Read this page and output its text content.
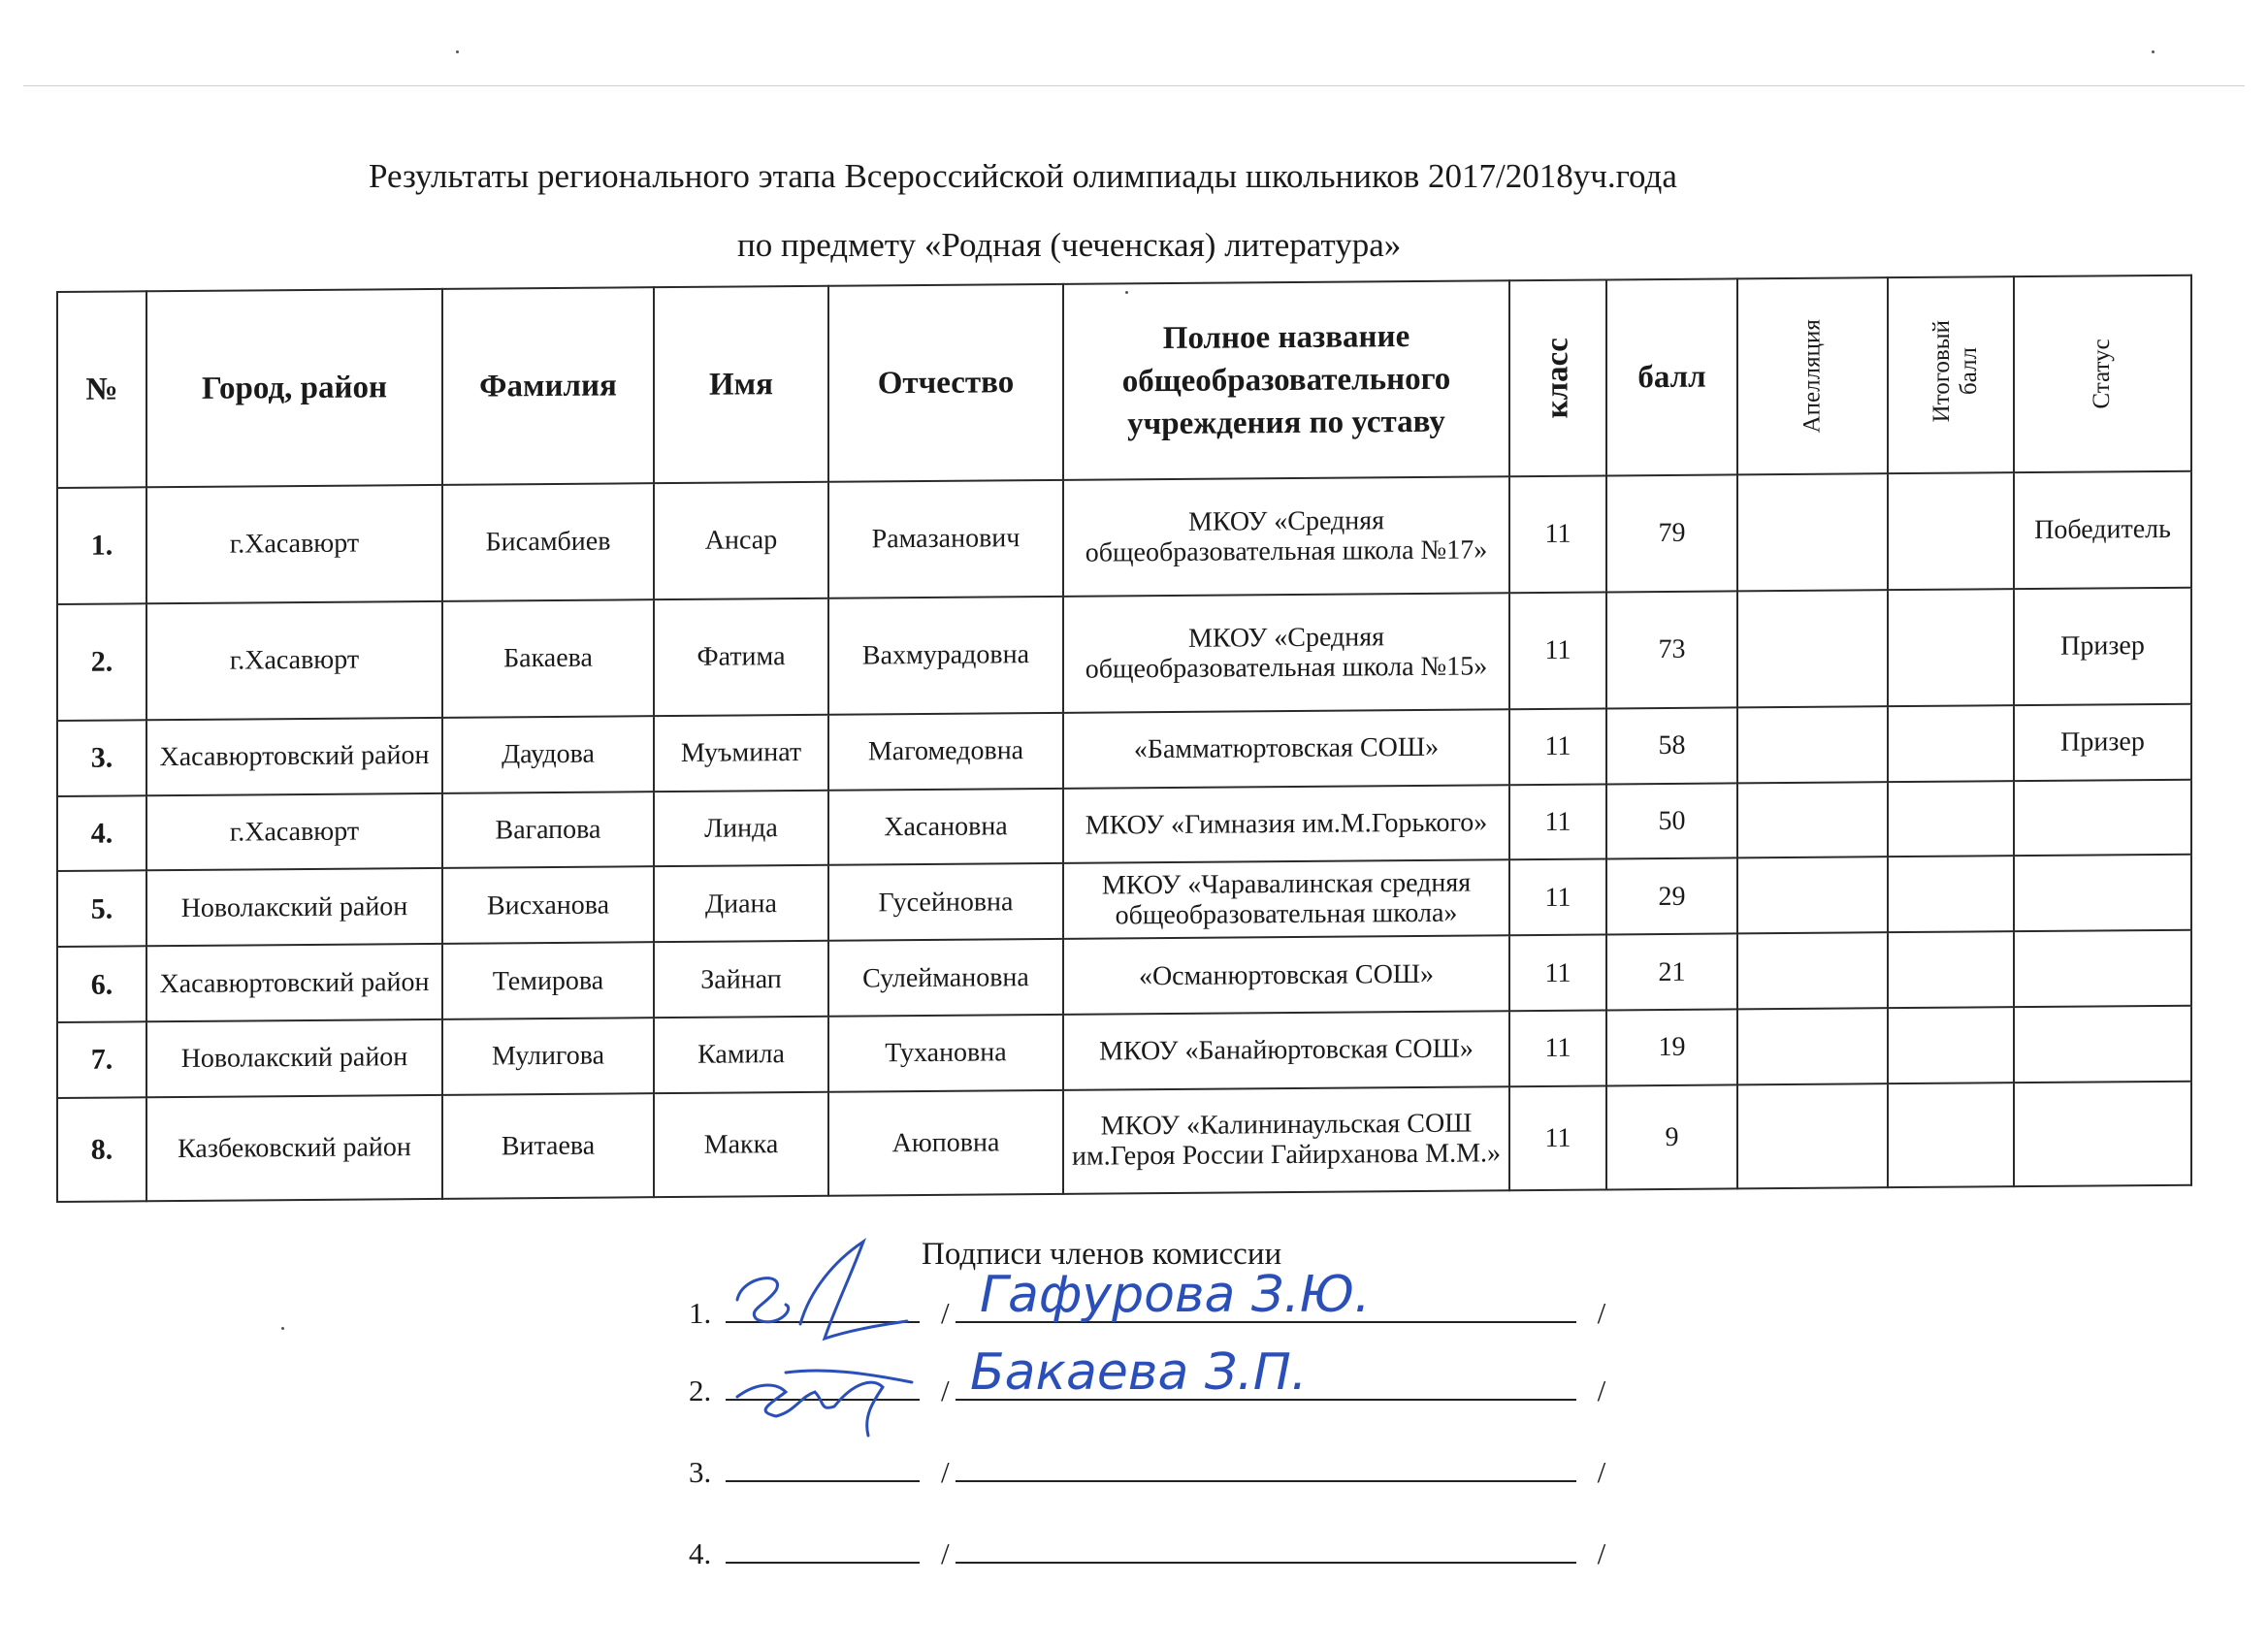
Результаты регионального этапа Всероссийской олимпиады школьников 2017/2018уч.года
по предмету «Родная (чеченская) литература»
№	Город, район	Фамилия	Имя	Отчество	Полное название общеобразовательного учреждения по уставу	класс	балл	Апелляция	Итоговый балл	Статус
1.	г.Хасавюрт	Бисамбиев	Ансар	Рамазанович	МКОУ «Средняя общеобразовательная школа №17»	11	79			Победитель
2.	г.Хасавюрт	Бакаева	Фатима	Вахмурадовна	МКОУ «Средняя общеобразовательная школа №15»	11	73			Призер
3.	Хасавюртовский район	Даудова	Муъминат	Магомедовна	«Бамматюртовская СОШ»	11	58			Призер
4.	г.Хасавюрт	Вагапова	Линда	Хасановна	МКОУ «Гимназия им.М.Горького»	11	50			
5.	Новолакский район	Висханова	Диана	Гусейновна	МКОУ «Чаравалинская средняя общеобразовательная школа»	11	29			
6.	Хасавюртовский район	Темирова	Зайнап	Сулеймановна	«Османюртовская СОШ»	11	21			
7.	Новолакский район	Мулигова	Камила	Тухановна	МКОУ «Банайюртовская СОШ»	11	19			
8.	Казбековский район	Витаева	Макка	Аюповна	МКОУ «Калининаульская СОШ им.Героя России Гайирханова М.М.»	11	9			
Подписи членов комиссии
1.	/	/
2.	/	/
3.	/	/
4.	/	/
Гафурова З.Ю.
Бакаева З.П.
